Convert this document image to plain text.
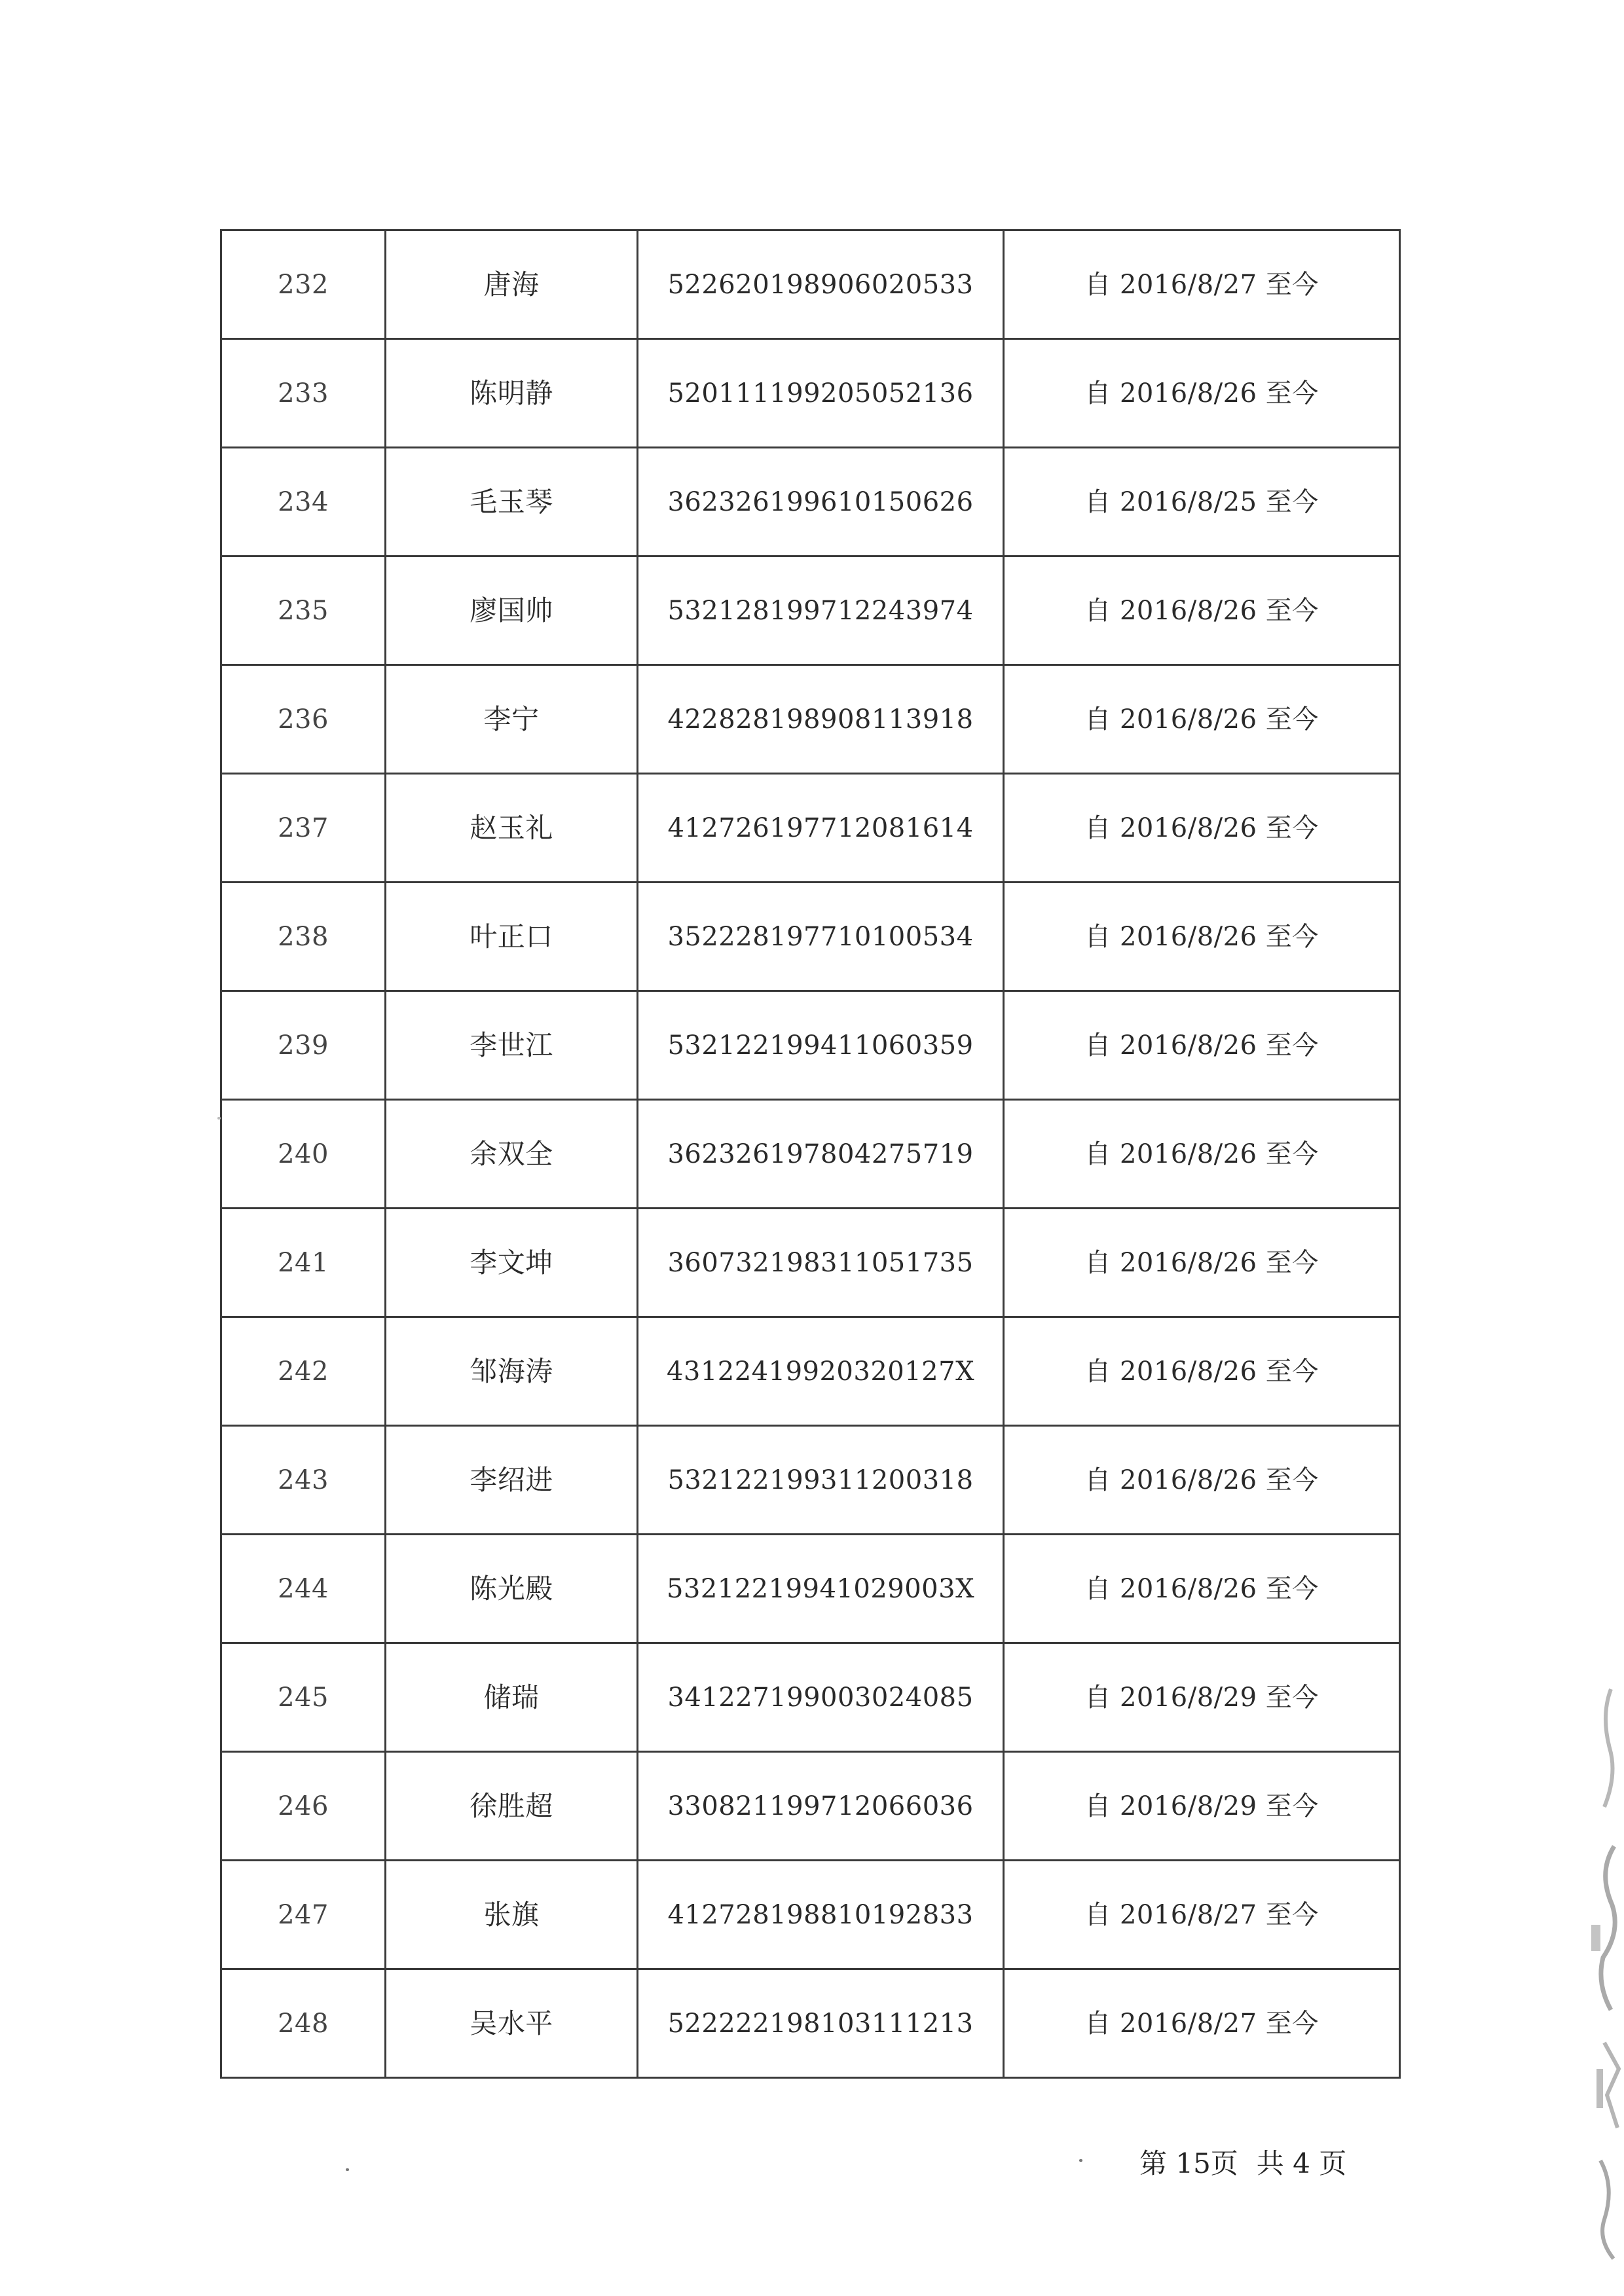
232	唐海	522620198906020533	自 2016/8/27 至今
233	陈明静	520111199205052136	自 2016/8/26 至今
234	毛玉琴	362326199610150626	自 2016/8/25 至今
235	廖国帅	532128199712243974	自 2016/8/26 至今
236	李宁	422828198908113918	自 2016/8/26 至今
237	赵玉礼	412726197712081614	自 2016/8/26 至今
238	叶正口	352228197710100534	自 2016/8/26 至今
239	李世江	532122199411060359	自 2016/8/26 至今
240	余双全	362326197804275719	自 2016/8/26 至今
241	李文坤	360732198311051735	自 2016/8/26 至今
242	邹海涛	43122419920320127X	自 2016/8/26 至今
243	李绍进	532122199311200318	自 2016/8/26 至今
244	陈光殿	53212219941029003X	自 2016/8/26 至今
245	储瑞	341227199003024085	自 2016/8/29 至今
246	徐胜超	330821199712066036	自 2016/8/29 至今
247	张旗	412728198810192833	自 2016/8/27 至今
248	吴水平	522222198103111213	自 2016/8/27 至今
第 15页 共 4 页
